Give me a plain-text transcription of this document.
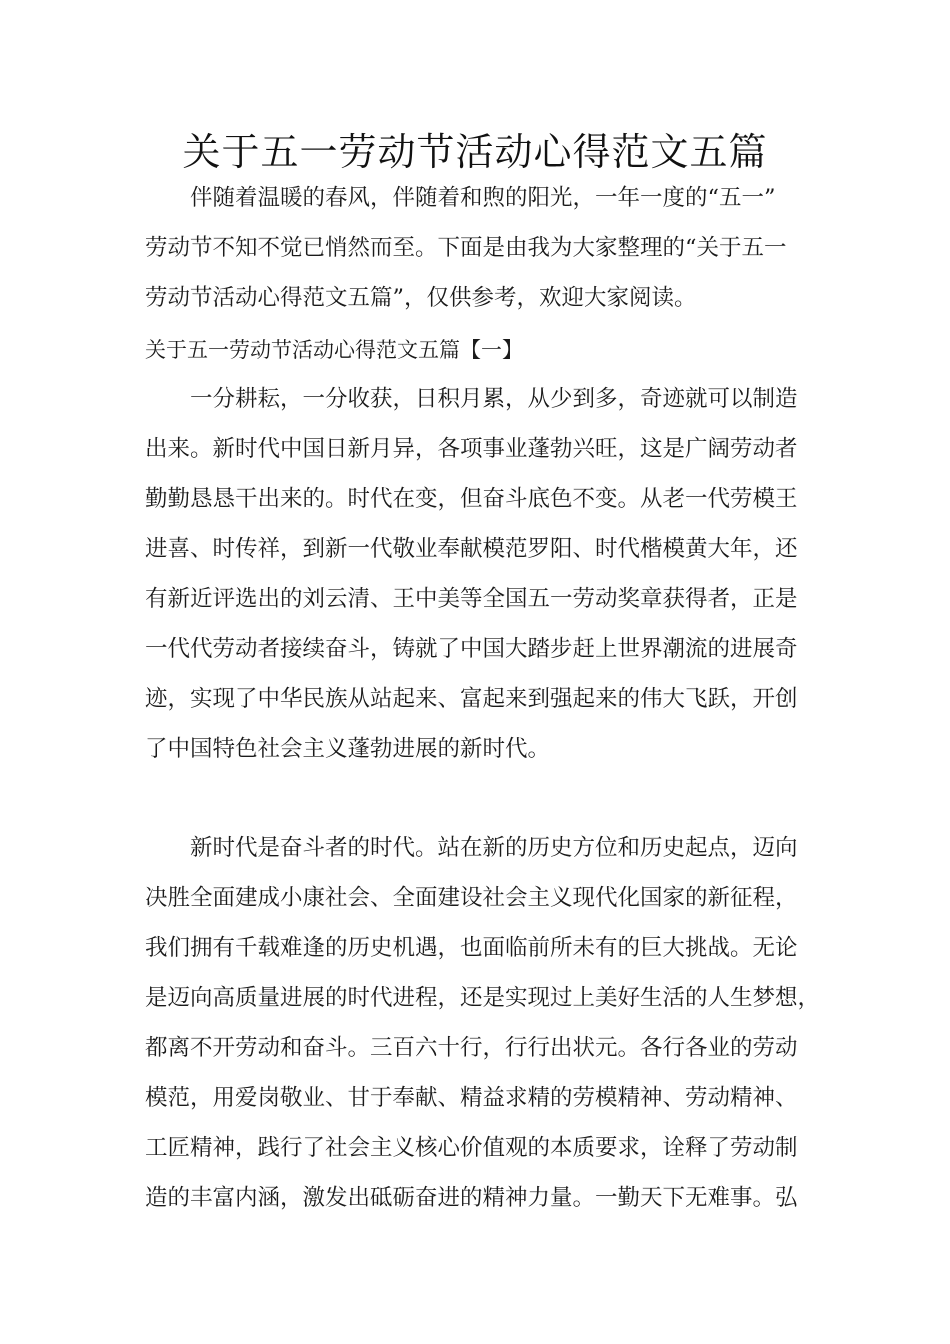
关于五一劳动节活动心得范文五篇
　　伴随着温暖的春风，伴随着和煦的阳光，一年一度的“五一”
劳动节不知不觉已悄然而至。下面是由我为大家整理的“关于五一
劳动节活动心得范文五篇”，仅供参考，欢迎大家阅读。
关于五一劳动节活动心得范文五篇【一】
　　一分耕耘，一分收获，日积月累，从少到多，奇迹就可以制造
出来。新时代中国日新月异，各项事业蓬勃兴旺，这是广阔劳动者
勤勤恳恳干出来的。时代在变，但奋斗底色不变。从老一代劳模王
进喜、时传祥，到新一代敬业奉献模范罗阳、时代楷模黄大年，还
有新近评选出的刘云清、王中美等全国五一劳动奖章获得者，正是
一代代劳动者接续奋斗，铸就了中国大踏步赶上世界潮流的进展奇
迹，实现了中华民族从站起来、富起来到强起来的伟大飞跃，开创
了中国特色社会主义蓬勃进展的新时代。
　　新时代是奋斗者的时代。站在新的历史方位和历史起点，迈向
决胜全面建成小康社会、全面建设社会主义现代化国家的新征程，
我们拥有千载难逢的历史机遇，也面临前所未有的巨大挑战。无论
是迈向高质量进展的时代进程，还是实现过上美好生活的人生梦想，
都离不开劳动和奋斗。三百六十行，行行出状元。各行各业的劳动
模范，用爱岗敬业、甘于奉献、精益求精的劳模精神、劳动精神、
工匠精神，践行了社会主义核心价值观的本质要求，诠释了劳动制
造的丰富内涵，激发出砥砺奋进的精神力量。一勤天下无难事。弘
